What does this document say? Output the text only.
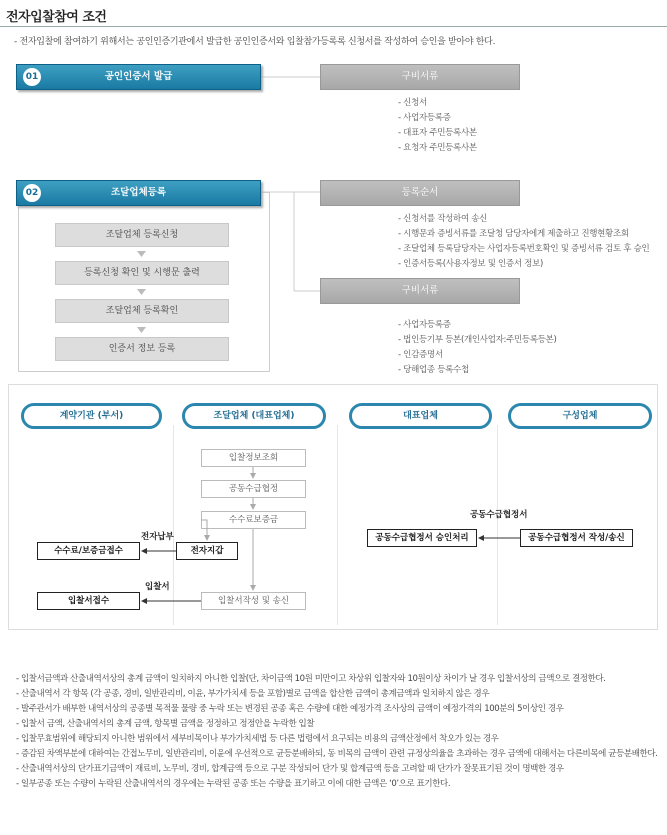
전자입찰참여 조건
- 전자입찰에 참여하기 위해서는 공인인증기관에서 발급한 공인인증서와 입찰참가등록록 신청서를 작성하여 승인을 받아야 한다.
01	공인인증서 발급	구비서류
- 신청서
- 사업자등록증
- 대표자 주민등록사본
- 요청자 주민등록사본
02	조달업체등록
조달업체 등록신청
등록신청 확인 및 시행문 출력
조달업체 등록확인
인증서 정보 등록
등록순서
- 신청서를 작성하여 송신
- 시행문과 증빙서류를 조달청 담당자에게 제출하고 진행현황조회
- 조달업체 등록담당자는 사업자등록번호확인 및 증빙서류 검토 후 승인
- 인증서등록(사용자정보 및 인증서 정보)
구비서류
- 사업자등록증
- 법인등기부 등본(개인사업자:주민등록등본)
- 인감증명서
- 당해업종 등록수첩
계약기관 (부서)	조달업체 (대표업체)	대표업체	구성업체
입찰정보조회
공동수급협정
수수료보증금
입찰서작성 및 송신
전자지갑
전자납부
수수료/보증금접수
입찰서
입찰서접수
공동수급협정서
공동수급협정서 승인처리	공동수급협정서 작성/송신
- 입찰서금액과 산출내역서상의 총계 금액이 일치하지 아니한 입찰(단, 차이금액 10원 미만이고 차상위 입찰자와 10원이상 차이가 날 경우 입찰서상의 금액으로 결정한다.
- 산출내역서 각 항목 (각 공종, 경비, 일반관리비, 이윤, 부가가치세 등을 포함)별로 금액을 합산한 금액이 총계금액과 일치하지 않은 경우
- 발주관서가 배부한 내역서상의 공종별 목적물 물량 중 누락 또는 변경된 공종 혹은 수량에 대한 예정가격 조사상의 금액이 예정가격의 100분의 5이상인 경우
- 입찰서 금액, 산출내역서의 총계 금액, 항목별 금액을 정정하고 정정안을 누락한 입찰
- 입찰무효범위에 해당되지 아니한 범위에서 세부비목이나 부가가치세법 등 다른 법령에서 요구되는 비용의 금액산정에서 착오가 있는 경우
- 증감된 차액부분에 대하여는 간접노무비, 일반관리비, 이윤에 우선적으로 균등분배하되, 동 비목의 금액이 관련 규정상의율을 초과하는 경우 금액에 대해서는 다른비목에 균등분배한다.
- 산출내역서상의 단가표기금액이 재료비, 노무비, 경비, 합계금액 등으로 구분 작성되어 단가 및 합계금액 등을 고려할 때 단가가 잘못표기된 것이 명백한 경우
- 일부공종 또는 수량이 누락된 산출내역서의 경우에는 누락된 공종 또는 수량을 표기하고 이에 대한 금액은 ‘0’으로 표기한다.
